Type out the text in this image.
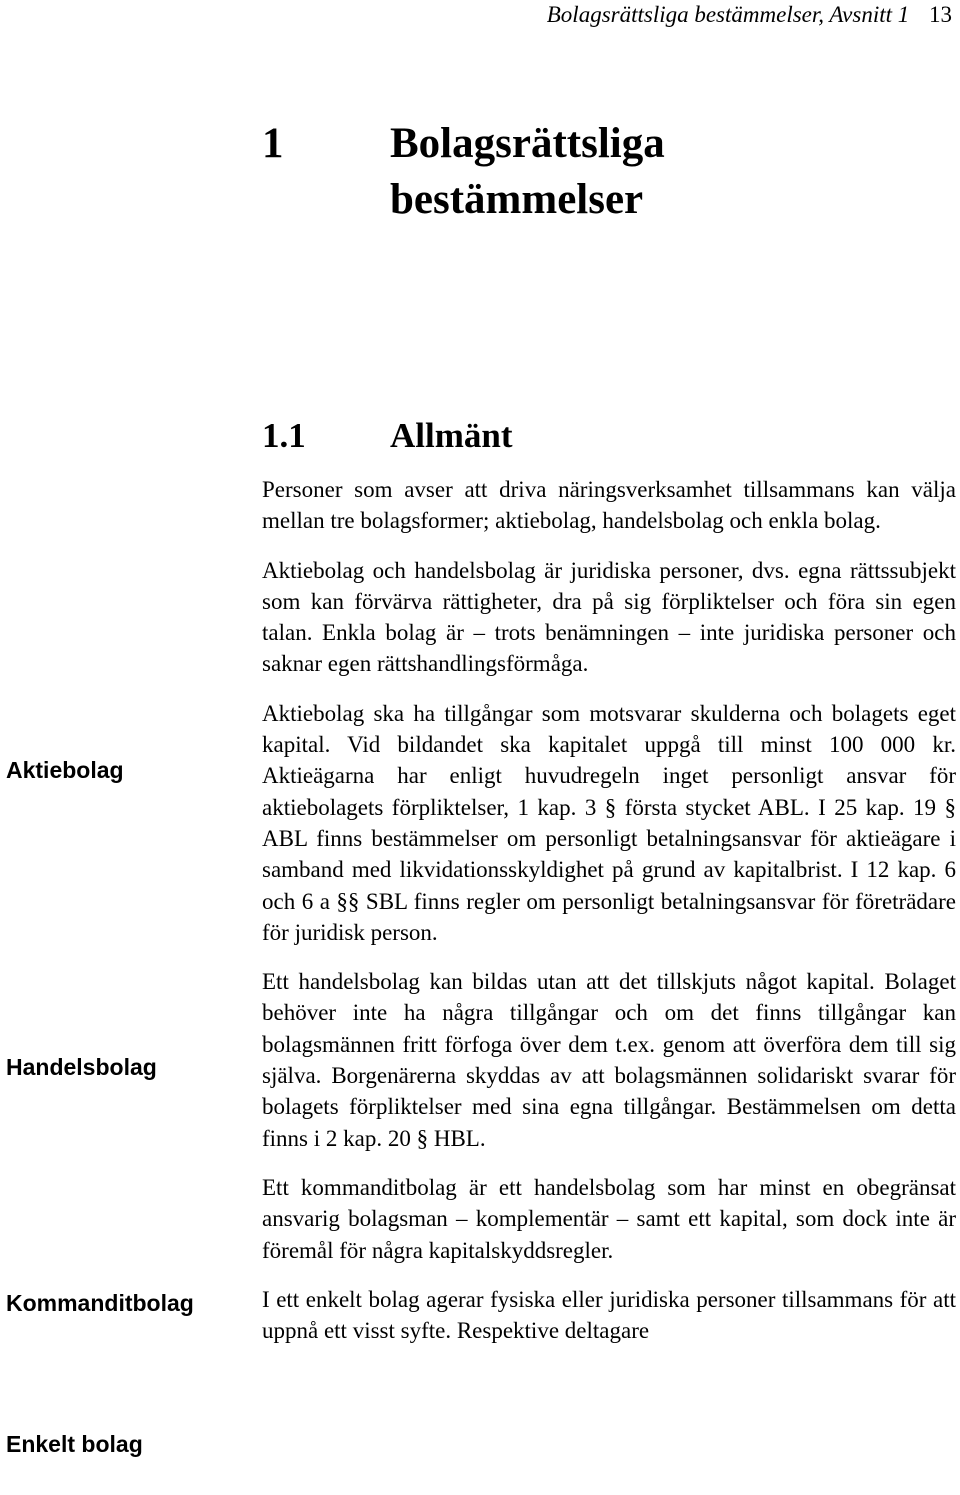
Bolagsrättsliga bestämmelser, Avsnitt 1 13
1 Bolagsrättsliga bestämmelser
1.1 Allmänt
Aktiebolag
Handelsbolag
Kommanditbolag
Enkelt bolag

Personer som avser att driva näringsverksamhet tillsammans kan välja mellan tre bolagsformer; aktiebolag, handelsbolag och enkla bolag.

Aktiebolag och handelsbolag är juridiska personer, dvs. egna rättssubjekt som kan förvärva rättigheter, dra på sig förpliktelser och föra sin egen talan. Enkla bolag är – trots benämningen – inte juridiska personer och saknar egen rättshandlingsförmåga.

Aktiebolag ska ha tillgångar som motsvarar skulderna och bolagets eget kapital. Vid bildandet ska kapitalet uppgå till minst 100 000 kr. Aktieägarna har enligt huvudregeln inget personligt ansvar för aktiebolagets förpliktelser, 1 kap. 3 § första stycket ABL. I 25 kap. 19 § ABL finns bestämmelser om personligt betalningsansvar för aktieägare i samband med likvidationsskyldighet på grund av kapitalbrist. I 12 kap. 6 och 6 a §§ SBL finns regler om personligt betalningsansvar för företrädare för juridisk person.

Ett handelsbolag kan bildas utan att det tillskjuts något kapital. Bolaget behöver inte ha några tillgångar och om det finns tillgångar kan bolagsmännen fritt förfoga över dem t.ex. genom att överföra dem till sig själva. Borgenärerna skyddas av att bolagsmännen solidariskt svarar för bolagets förpliktelser med sina egna tillgångar. Bestämmelsen om detta finns i 2 kap. 20 § HBL.

Ett kommanditbolag är ett handelsbolag som har minst en obegränsat ansvarig bolagsman – komplementär – samt ett kapital, som dock inte är föremål för några kapitalskyddsregler.

I ett enkelt bolag agerar fysiska eller juridiska personer tillsammans för att uppnå ett visst syfte. Respektive deltagare
